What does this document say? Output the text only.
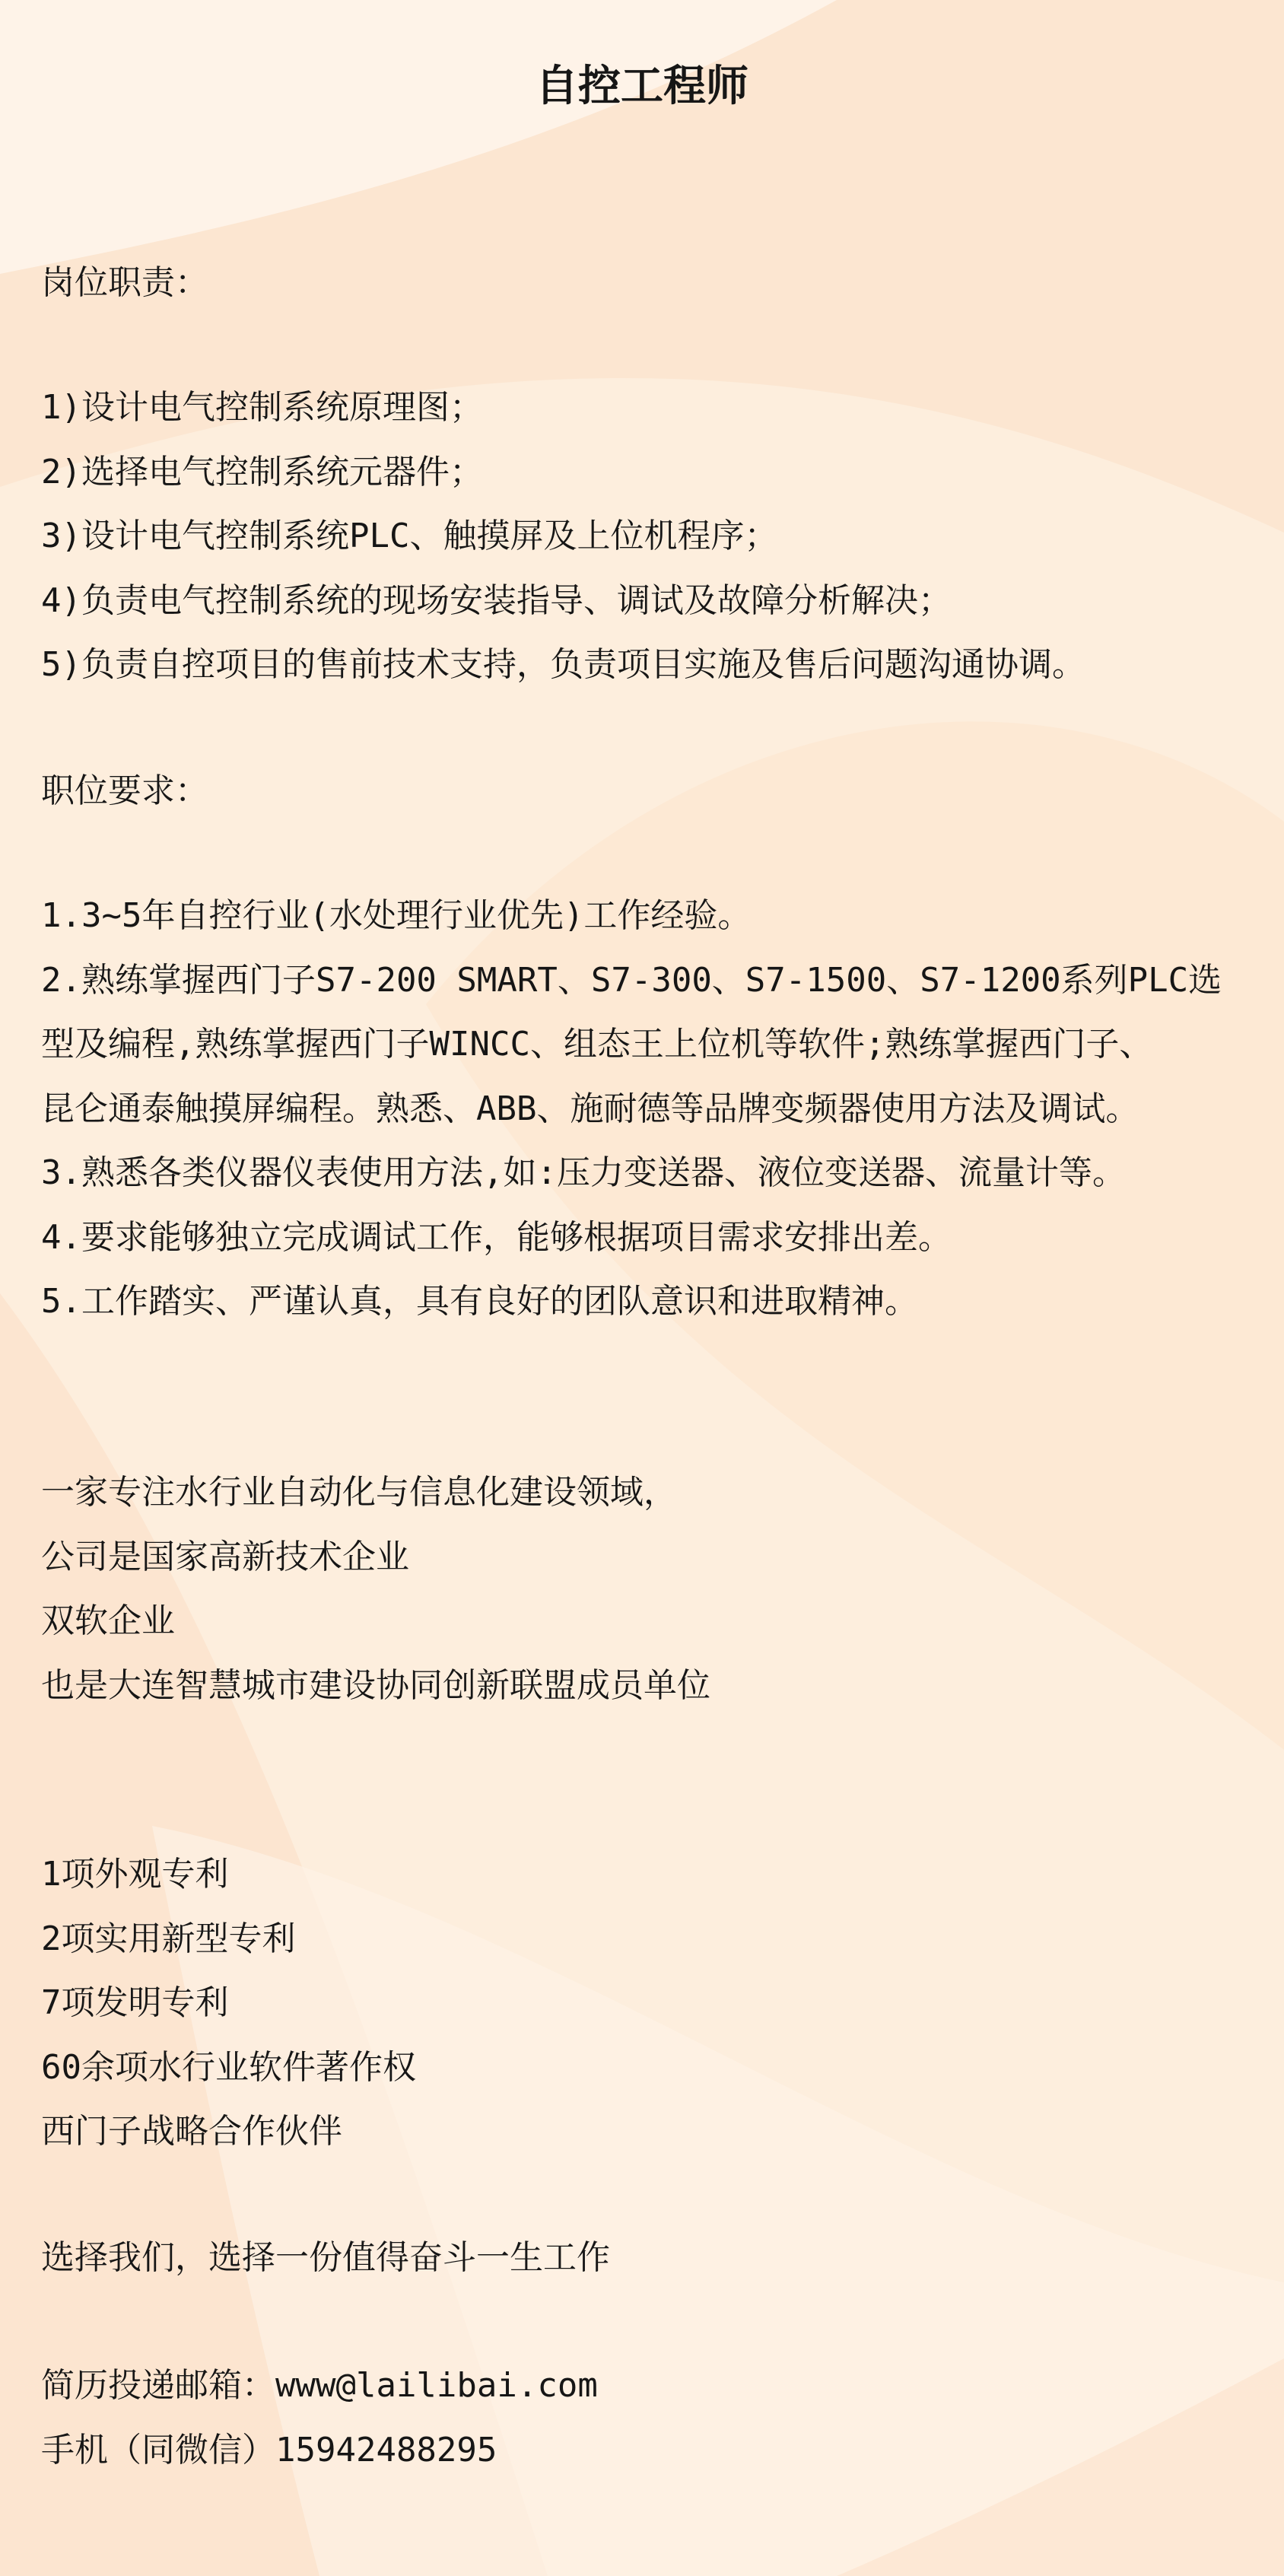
自控工程师
岗位职责：
1)设计电气控制系统原理图；
2)选择电气控制系统元器件；
3)设计电气控制系统PLC、触摸屏及上位机程序；
4)负责电气控制系统的现场安装指导、调试及故障分析解决；
5)负责自控项目的售前技术支持，负责项目实施及售后问题沟通协调。
职位要求：
1.3~5年自控行业(水处理行业优先)工作经验。
2.熟练掌握西门子S7-200 SMART、S7-300、S7-1500、S7-1200系列PLC选
型及编程,熟练掌握西门子WINCC、组态王上位机等软件;熟练掌握西门子、
昆仑通泰触摸屏编程。熟悉、ABB、施耐德等品牌变频器使用方法及调试。
3.熟悉各类仪器仪表使用方法,如:压力变送器、液位变送器、流量计等。
4.要求能够独立完成调试工作，能够根据项目需求安排出差。
5.工作踏实、严谨认真，具有良好的团队意识和进取精神。
一家专注水行业自动化与信息化建设领域，
公司是国家高新技术企业
双软企业
也是大连智慧城市建设协同创新联盟成员单位
1项外观专利
2项实用新型专利
7项发明专利
60余项水行业软件著作权
西门子战略合作伙伴
选择我们，选择一份值得奋斗一生工作
简历投递邮箱：www@lailibai.com
手机（同微信）15942488295
